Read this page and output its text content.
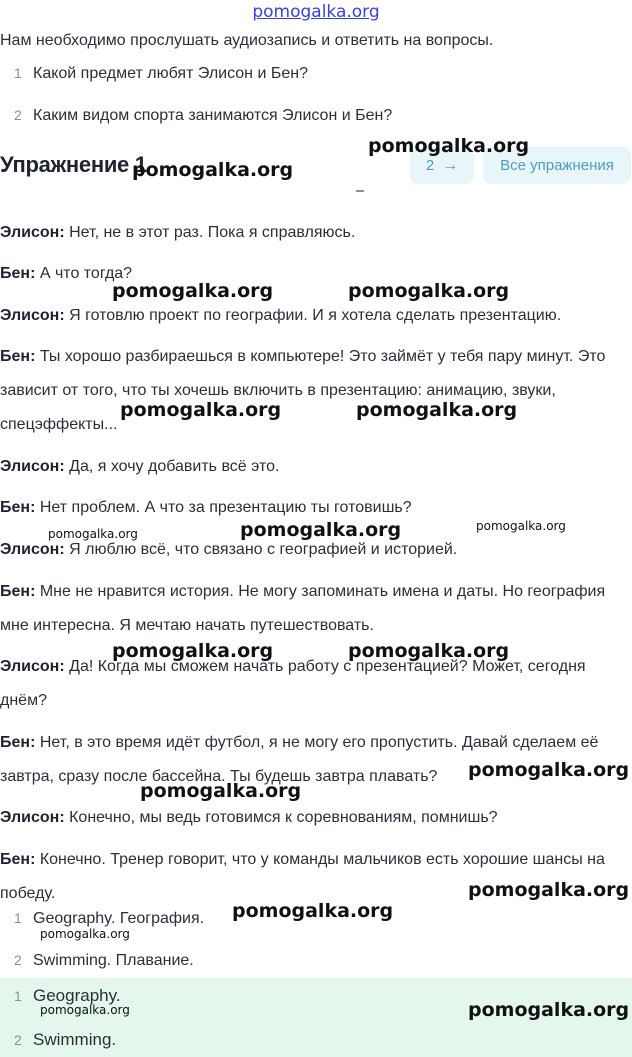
pomogalka.org
Нам необходимо прослушать аудиозапись и ответить на вопросы.
1 Какой предмет любят Элисон и Бен?
2 Каким видом спорта занимаются Элисон и Бен?
Упражнение 1	2 →	Все упражнения
Элисон: Нет, не в этот раз. Пока я справляюсь.
Бен: А что тогда?
Элисон: Я готовлю проект по географии. И я хотела сделать презентацию.
Бен: Ты хорошо разбираешься в компьютере! Это займёт у тебя пару минут. Это зависит от того, что ты хочешь включить в презентацию: анимацию, звуки, спецэффекты...
Элисон: Да, я хочу добавить всё это.
Бен: Нет проблем. А что за презентацию ты готовишь?
Элисон: Я люблю всё, что связано с географией и историей.
Бен: Мне не нравится история. Не могу запоминать имена и даты. Но география мне интересна. Я мечтаю начать путешествовать.
Элисон: Да! Когда мы сможем начать работу с презентацией? Может, сегодня днём?
Бен: Нет, в это время идёт футбол, я не могу его пропустить. Давай сделаем её завтра, сразу после бассейна. Ты будешь завтра плавать?
Элисон: Конечно, мы ведь готовимся к соревнованиям, помнишь?
Бен: Конечно. Тренер говорит, что у команды мальчиков есть хорошие шансы на победу.
1 Geography. География.
2 Swimming. Плавание.
1 Geography.
2 Swimming.
pomogalka.org
pomogalka.org
pomogalka.org	pomogalka.org
pomogalka.org	pomogalka.org
pomogalka.org	pomogalka.org	pomogalka.org
pomogalka.org	pomogalka.org
pomogalka.org
pomogalka.org
pomogalka.org
pomogalka.org
pomogalka.org
pomogalka.org	pomogalka.org
